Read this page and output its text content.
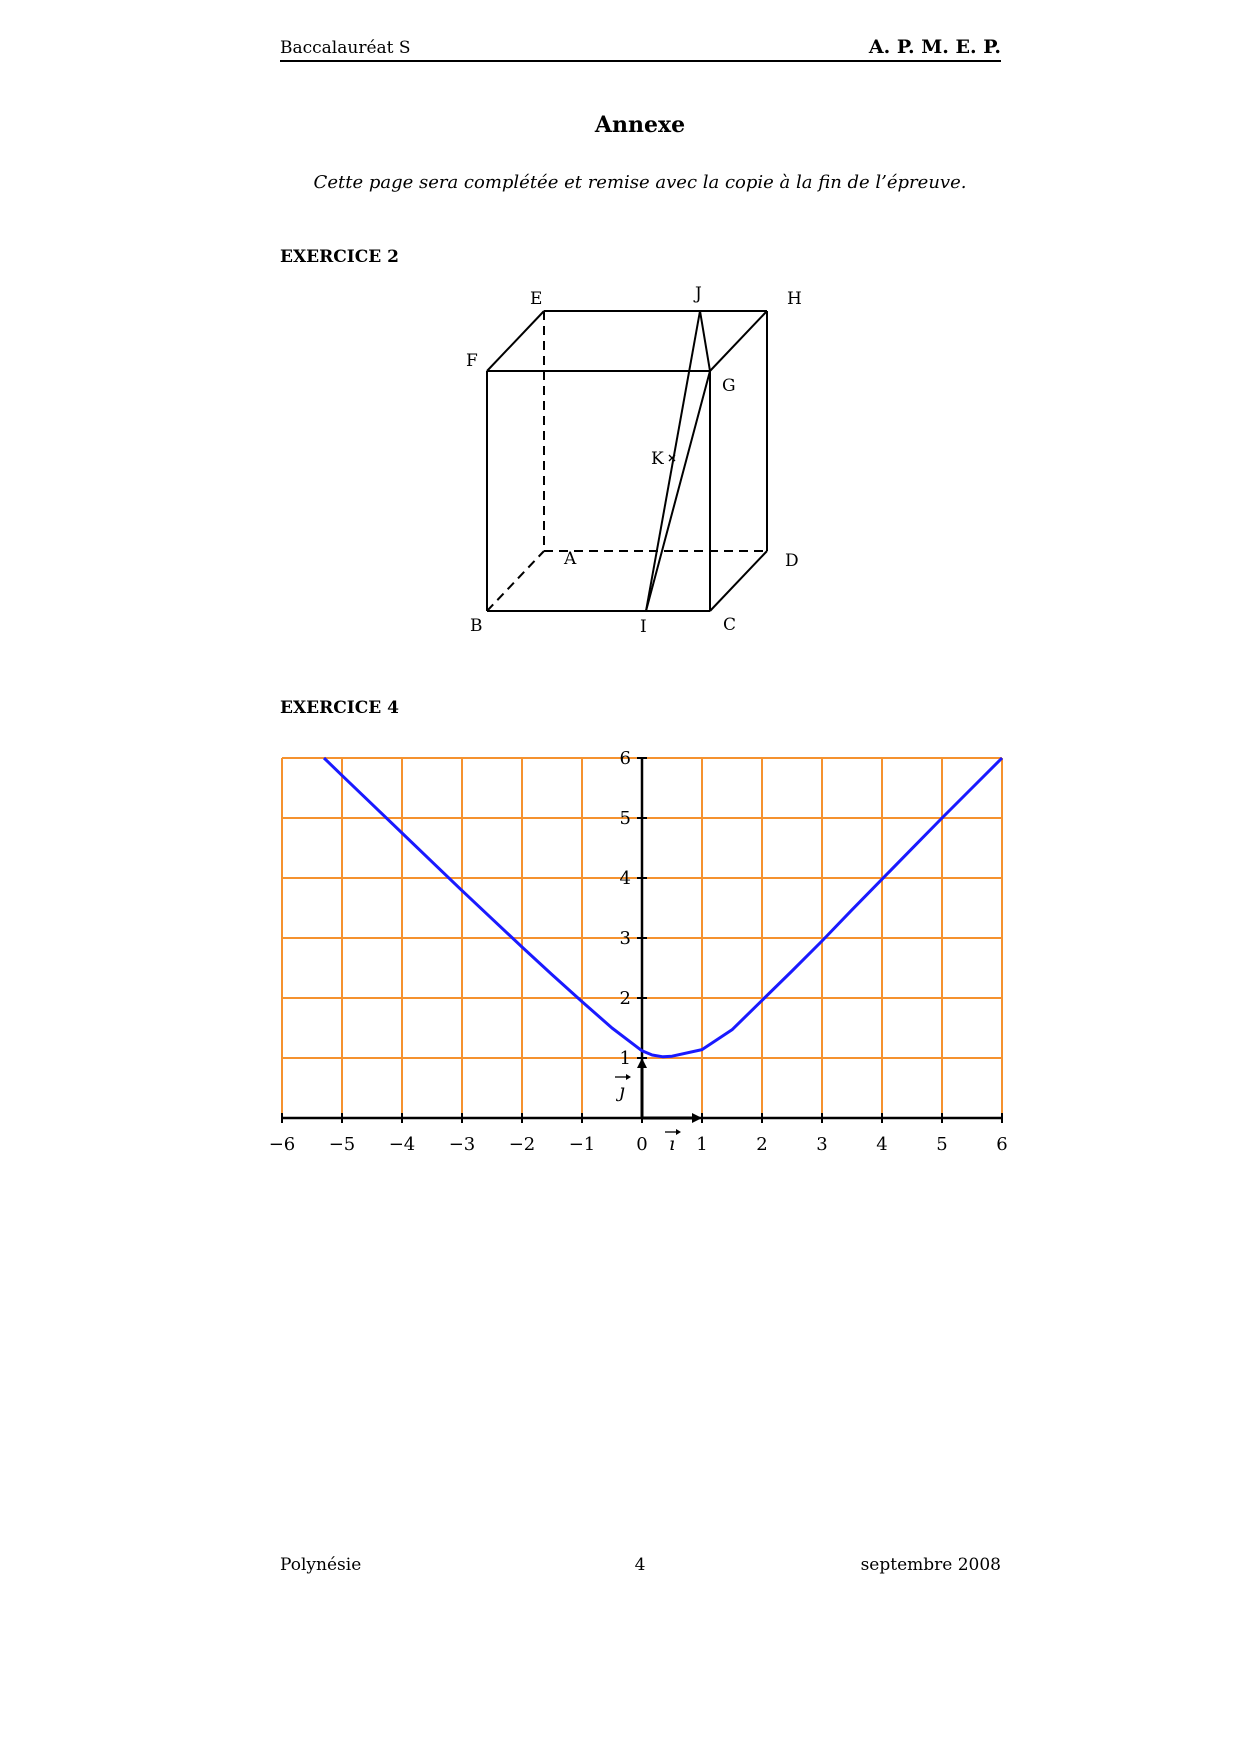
Baccalauréat S	A. P. M. E. P.
Annexe
Cette page sera complétée et remise avec la copie à la fin de l’épreuve.
EXERCICE 2
A
B	C
D
E
F
G
H
I
J
K
EXERCICE 4
−6 −5 −4 −3 −2 −1 0	1	2	3	4	5	6
1
2
3
4
5
6
ı
ȷ
Polynésie	4	septembre 2008
